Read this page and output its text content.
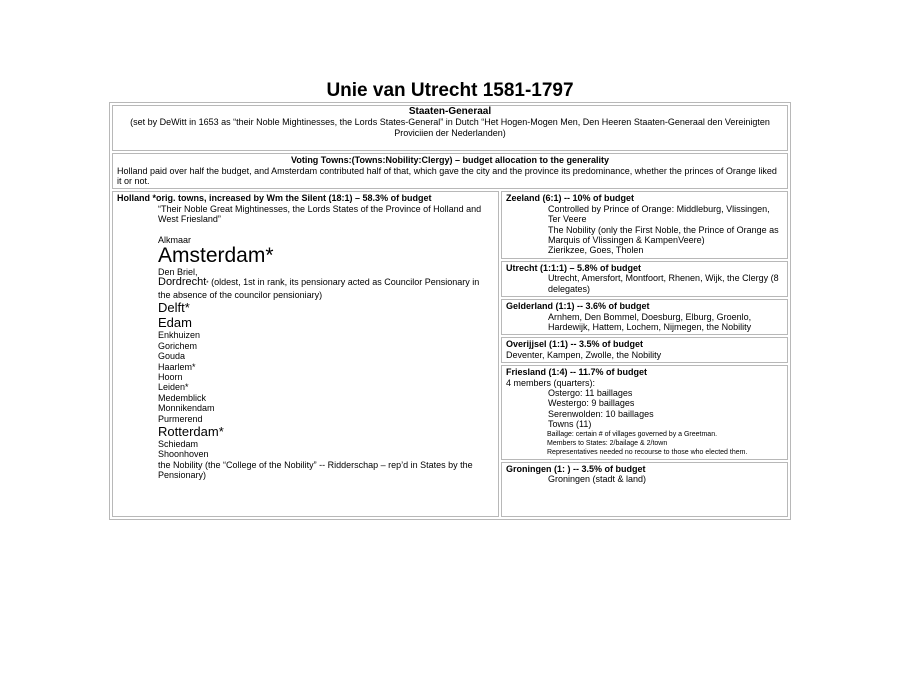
Unie van Utrecht 1581-1797
Staaten-Generaal
(set by DeWitt in 1653 as “their Noble Mightinesses, the Lords States-General” in Dutch “Het Hogen-Mogen Men, Den Heeren Staaten-Generaal den Vereinigten Proviciien der Nederlanden)

Voting Towns:(Towns:Nobility:Clergy) – budget allocation to the generality
Holland paid over half the budget, and Amsterdam contributed half of that, which gave the city and the province its predominance, whether the princes of Orange liked it or not.

Holland *orig. towns, increased by Wm the Silent (18:1) – 58.3% of budget
“Their Noble Great Mightinesses, the Lords States of the Province of Holland and West Friesland”
Alkmaar
Amsterdam*
Den Briel,
Dordrecht* (oldest, 1st in rank, its pensionary acted as Councilor Pensionary in the absence of the councilor pensioniary)
Delft*
Edam
Enkhuizen
Gorichem
Gouda
Haarlem*
Hoorn
Leiden*
Medemblick
Monnikendam
Purmerend
Rotterdam*
Schiedam
Shoonhoven
the Nobility (the “College of the Nobility” -- Ridderschap – rep’d in States by the Pensionary)

Zeeland (6:1) -- 10% of budget
Controlled by Prince of Orange: Middleburg, Vlissingen, Ter Veere
The Nobility (only the First Noble, the Prince of Orange as Marquis of Vlissingen & KampenVeere)
Zierikzee, Goes, Tholen

Utrecht (1:1:1) – 5.8% of budget
Utrecht, Amersfort, Montfoort, Rhenen, Wijk, the Clergy (8 delegates)

Gelderland (1:1) -- 3.6% of budget
Arnhem, Den Bommel, Doesburg, Elburg, Groenlo, Hardewijk, Hattem, Lochem, Nijmegen, the Nobility

Overijjsel (1:1) -- 3.5% of budget
Deventer, Kampen, Zwolle, the Nobility

Friesland (1:4) -- 11.7% of budget
4 members (quarters):
Ostergo: 11 baillages
Westergo: 9 baillages
Serenwolden: 10 baillages
Towns (11)
Baillage: certain # of villages governed by a Greetman.
Members to States: 2/bailage & 2/town
Representatives needed no recourse to those who elected them.

Groningen (1: ) -- 3.5% of budget
Groningen (stadt & land)
